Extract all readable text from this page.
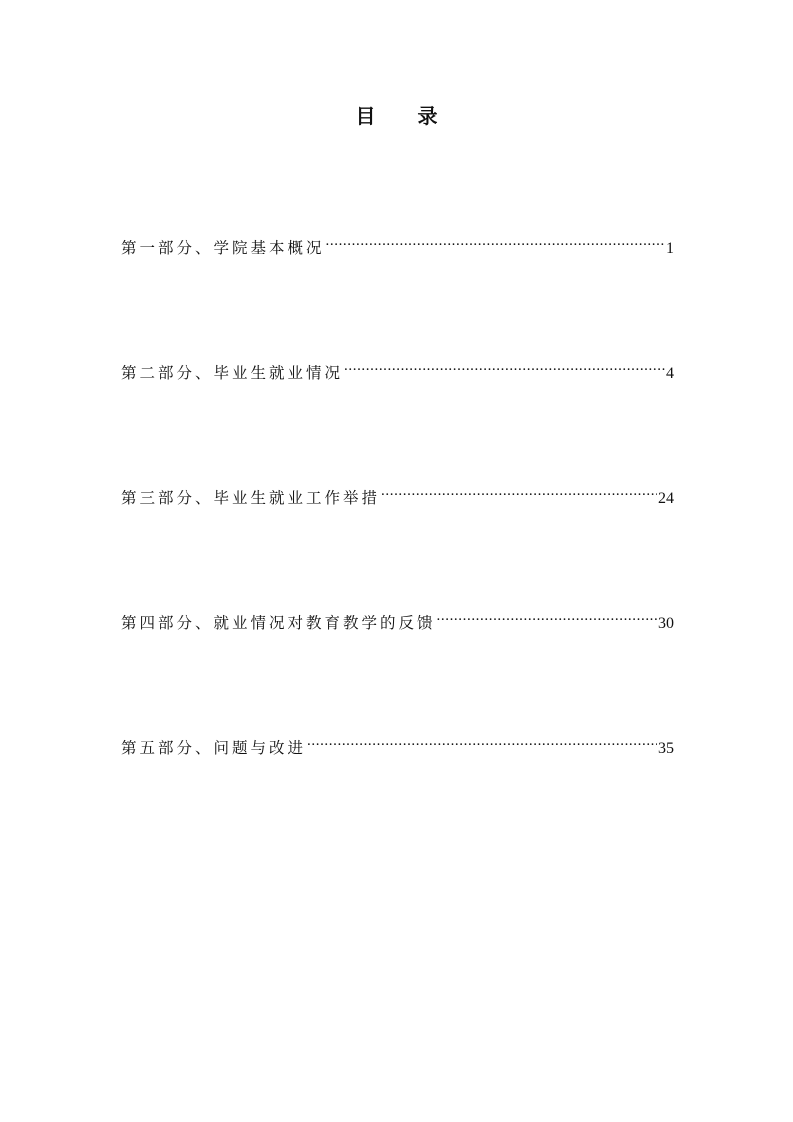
目录
第一部分、学院基本概况 .....	1
第二部分、毕业生就业情况 .....	4
第三部分、毕业生就业工作举措 .....	24
第四部分、就业情况对教育教学的反馈 .....	30
第五部分、问题与改进 .....	35
